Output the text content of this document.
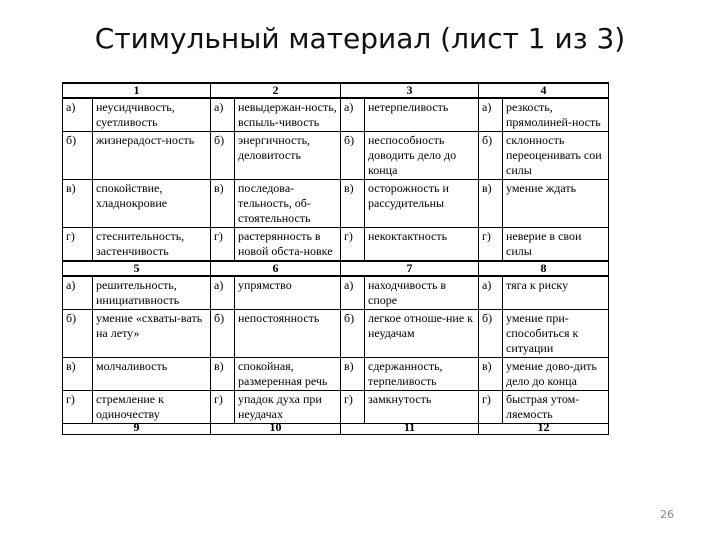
Стимульный материал (лист 1 из 3)
1		2		3		4	
а)	неусидчивость, суетливость	а)	невыдержан-ность, вспыль-чивость	а)	нетерпеливость	а)	резкость, прямолиней-ность
б)	жизнерадост-ность	б)	энергичность, деловитость	б)	неспособность доводить дело до конца	б)	склонность переоценивать сои силы
в)	спокойствие, хладнокровие	в)	последова-тельность, об-стоятельность	в)	осторожность и рассудительны	в)	умение ждать
г)	стеснительность, застенчивость	г)	растерянность в новой обста-новке	г)	некоктактность	г)	неверие в свои силы
5		6		7		8	
а)	решительность, инициативность	а)	упрямство	а)	находчивость в споре	а)	тяга к риску
б)	умение «схваты-вать на лету»	б)	непостоянность	б)	легкое отноше-ние к неудачам	б)	умение при-способиться к ситуации
в)	молчаливость	в)	спокойная, размеренная речь	в)	сдержанность, терпеливость	в)	умение дово-дить дело до конца
г)	стремление к одиночеству	г)	упадок духа при неудачах	г)	замкнутость	г)	быстрая утом-ляемость

9		10		11		12	
26
